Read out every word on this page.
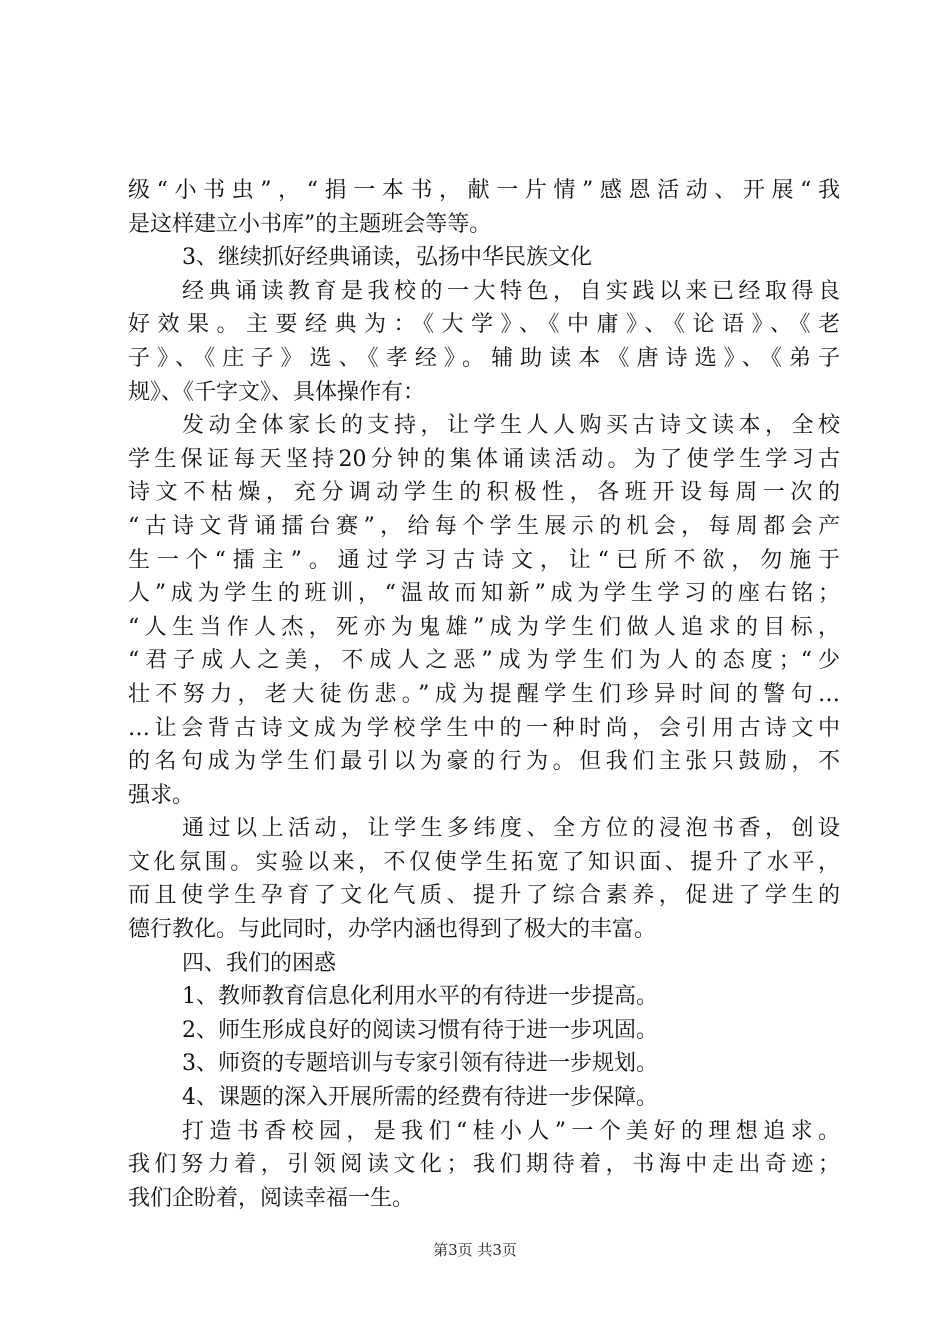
级“小书虫”，“捐一本书，献一片情”感恩活动、开展“我
是这样建立小书库”的主题班会等等。
3、继续抓好经典诵读，弘扬中华民族文化
经典诵读教育是我校的一大特色，自实践以来已经取得良
好效果。主要经典为：《大学》、《中庸》、《论语》、《老
子》、《庄子》选、《孝经》。辅助读本《唐诗选》、《弟子
规》、《千字文》、具体操作有：
发动全体家长的支持，让学生人人购买古诗文读本，全校
学生保证每天坚持20分钟的集体诵读活动。为了使学生学习古
诗文不枯燥，充分调动学生的积极性，各班开设每周一次的
“古诗文背诵擂台赛”，给每个学生展示的机会，每周都会产
生一个“擂主”。通过学习古诗文，让“已所不欲，勿施于
人”成为学生的班训，“温故而知新”成为学生学习的座右铭；
“人生当作人杰，死亦为鬼雄”成为学生们做人追求的目标，
“君子成人之美，不成人之恶”成为学生们为人的态度；“少
壮不努力，老大徒伤悲。”成为提醒学生们珍异时间的警句…
…让会背古诗文成为学校学生中的一种时尚，会引用古诗文中
的名句成为学生们最引以为豪的行为。但我们主张只鼓励，不
强求。
通过以上活动，让学生多纬度、全方位的浸泡书香，创设
文化氛围。实验以来，不仅使学生拓宽了知识面、提升了水平，
而且使学生孕育了文化气质、提升了综合素养，促进了学生的
德行教化。与此同时，办学内涵也得到了极大的丰富。
四、我们的困惑
1、教师教育信息化利用水平的有待进一步提高。
2、师生形成良好的阅读习惯有待于进一步巩固。
3、师资的专题培训与专家引领有待进一步规划。
4、课题的深入开展所需的经费有待进一步保障。
打造书香校园，是我们“桂小人”一个美好的理想追求。
我们努力着，引领阅读文化；我们期待着，书海中走出奇迹；
我们企盼着，阅读幸福一生。
第3页 共3页
